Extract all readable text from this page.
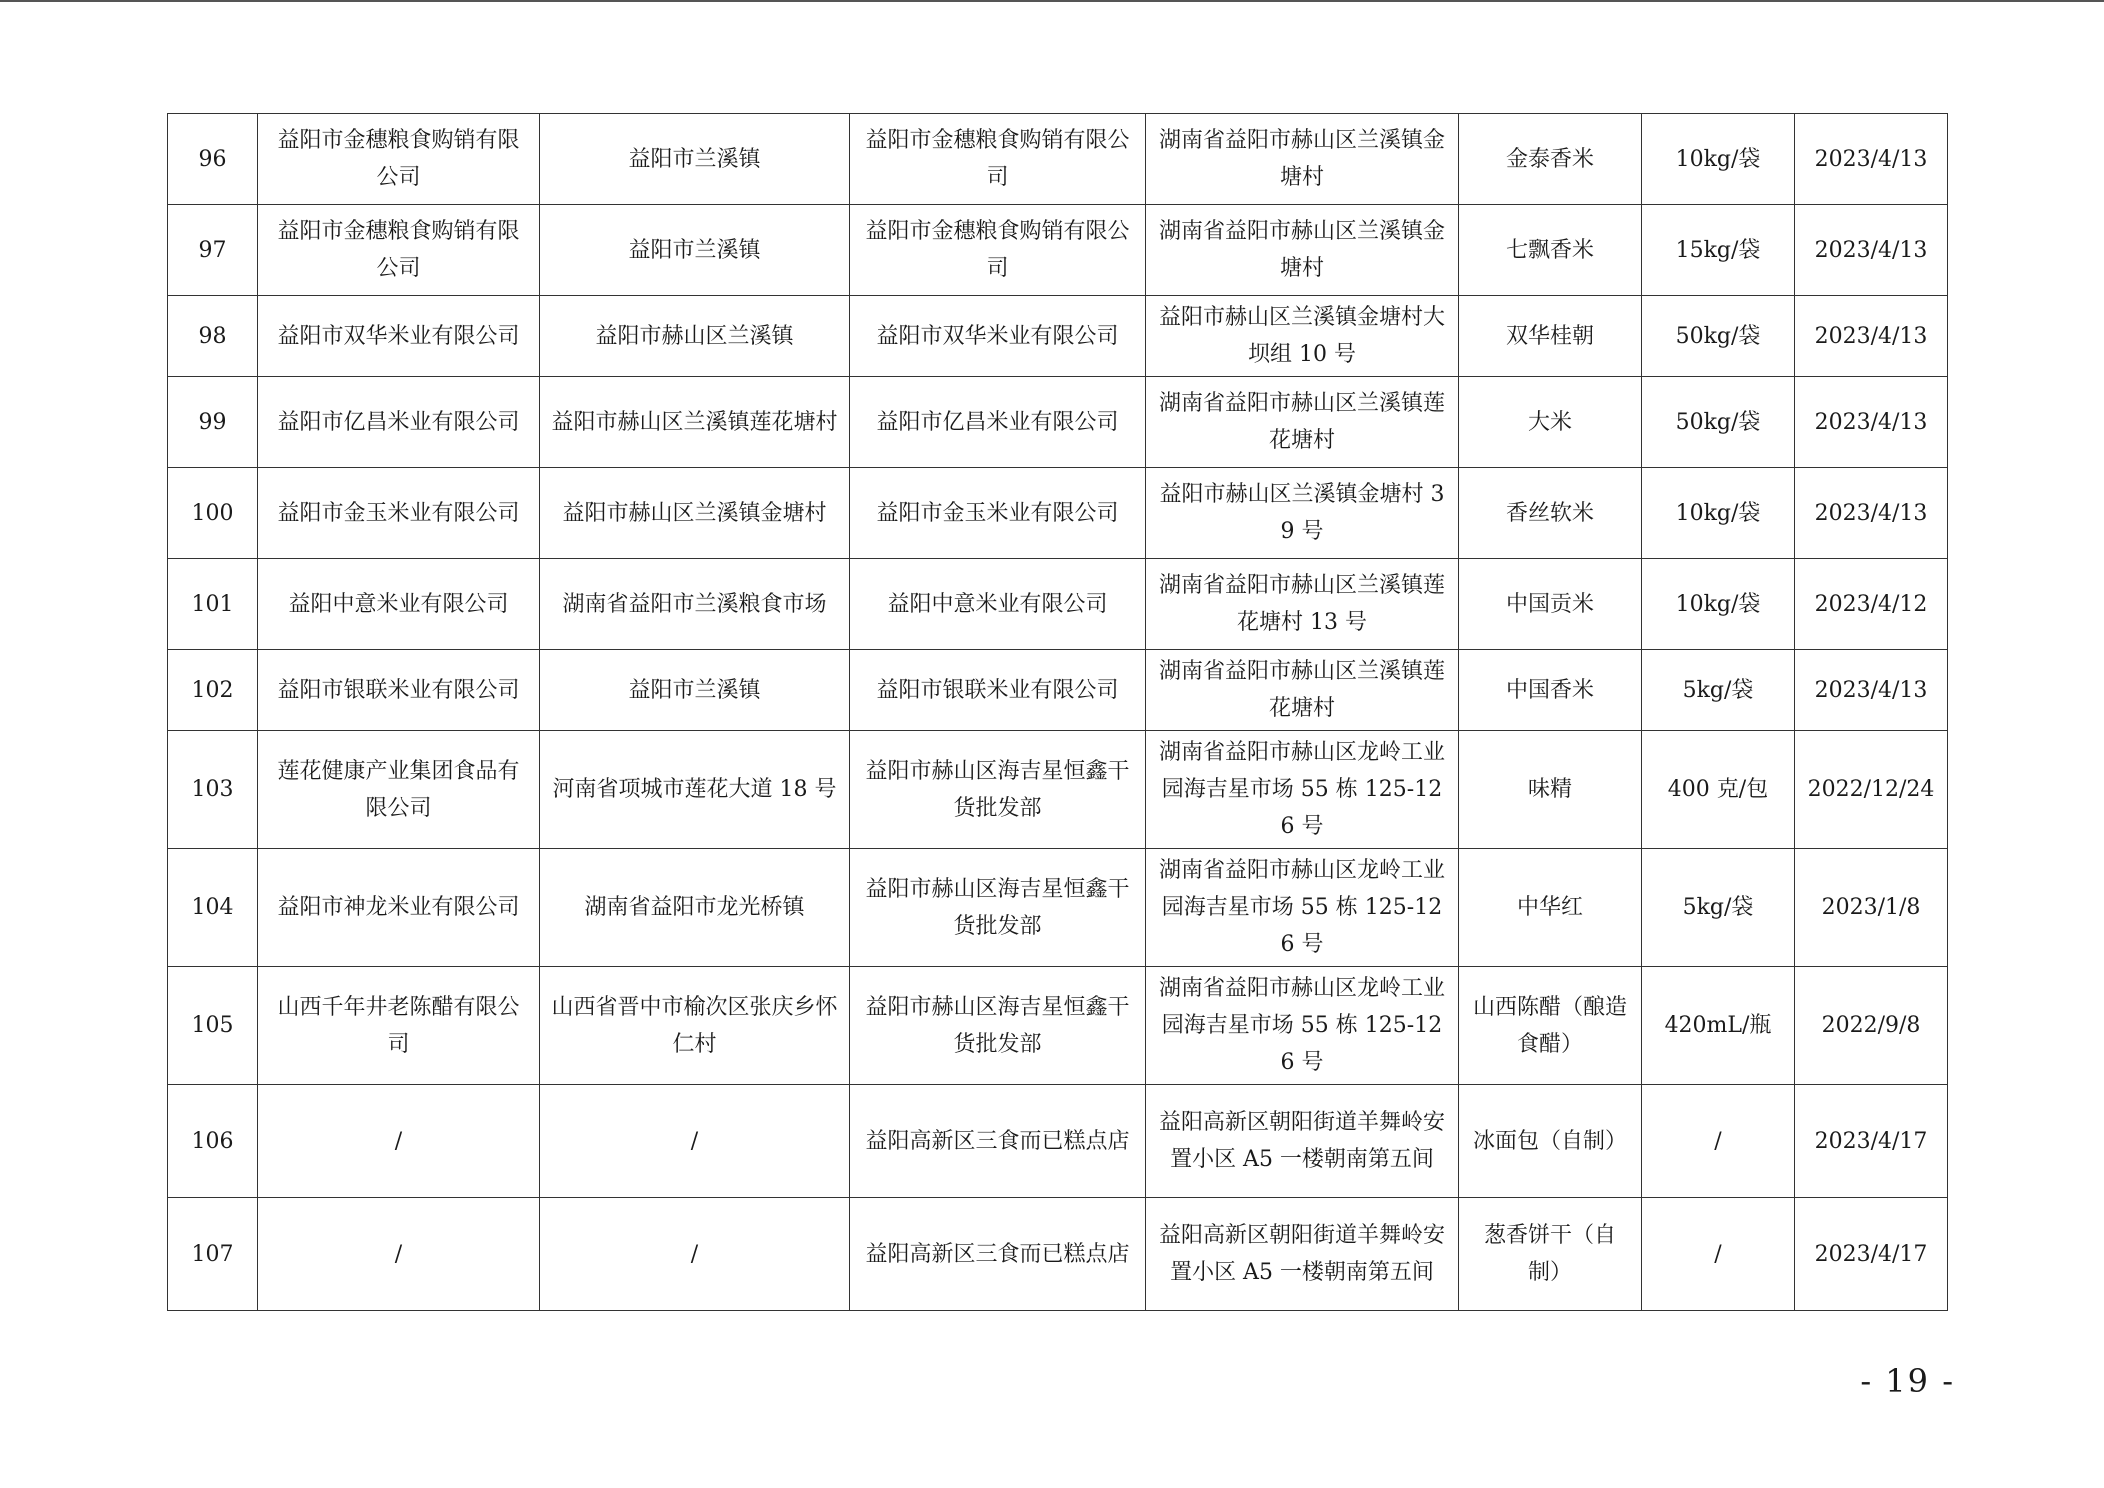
96	益阳市金穗粮食购销有限公司	益阳市兰溪镇	益阳市金穗粮食购销有限公司	湖南省益阳市赫山区兰溪镇金塘村	金泰香米	10kg/袋	2023/4/13
97	益阳市金穗粮食购销有限公司	益阳市兰溪镇	益阳市金穗粮食购销有限公司	湖南省益阳市赫山区兰溪镇金塘村	七飘香米	15kg/袋	2023/4/13
98	益阳市双华米业有限公司	益阳市赫山区兰溪镇	益阳市双华米业有限公司	益阳市赫山区兰溪镇金塘村大坝组 10 号	双华桂朝	50kg/袋	2023/4/13
99	益阳市亿昌米业有限公司	益阳市赫山区兰溪镇莲花塘村	益阳市亿昌米业有限公司	湖南省益阳市赫山区兰溪镇莲花塘村	大米	50kg/袋	2023/4/13
100	益阳市金玉米业有限公司	益阳市赫山区兰溪镇金塘村	益阳市金玉米业有限公司	益阳市赫山区兰溪镇金塘村 39 号	香丝软米	10kg/袋	2023/4/13
101	益阳中意米业有限公司	湖南省益阳市兰溪粮食市场	益阳中意米业有限公司	湖南省益阳市赫山区兰溪镇莲花塘村 13 号	中国贡米	10kg/袋	2023/4/12
102	益阳市银联米业有限公司	益阳市兰溪镇	益阳市银联米业有限公司	湖南省益阳市赫山区兰溪镇莲花塘村	中国香米	5kg/袋	2023/4/13
103	莲花健康产业集团食品有限公司	河南省项城市莲花大道 18 号	益阳市赫山区海吉星恒鑫干货批发部	湖南省益阳市赫山区龙岭工业园海吉星市场 55 栋 125-126 号	味精	400 克/包	2022/12/24
104	益阳市神龙米业有限公司	湖南省益阳市龙光桥镇	益阳市赫山区海吉星恒鑫干货批发部	湖南省益阳市赫山区龙岭工业园海吉星市场 55 栋 125-126 号	中华红	5kg/袋	2023/1/8
105	山西千年井老陈醋有限公司	山西省晋中市榆次区张庆乡怀仁村	益阳市赫山区海吉星恒鑫干货批发部	湖南省益阳市赫山区龙岭工业园海吉星市场 55 栋 125-126 号	山西陈醋（酿造食醋）	420mL/瓶	2022/9/8
106	/	/	益阳高新区三食而已糕点店	益阳高新区朝阳街道羊舞岭安置小区 A5 一楼朝南第五间	冰面包（自制）	/	2023/4/17
107	/	/	益阳高新区三食而已糕点店	益阳高新区朝阳街道羊舞岭安置小区 A5 一楼朝南第五间	葱香饼干（自制）	/	2023/4/17
- 19 -
